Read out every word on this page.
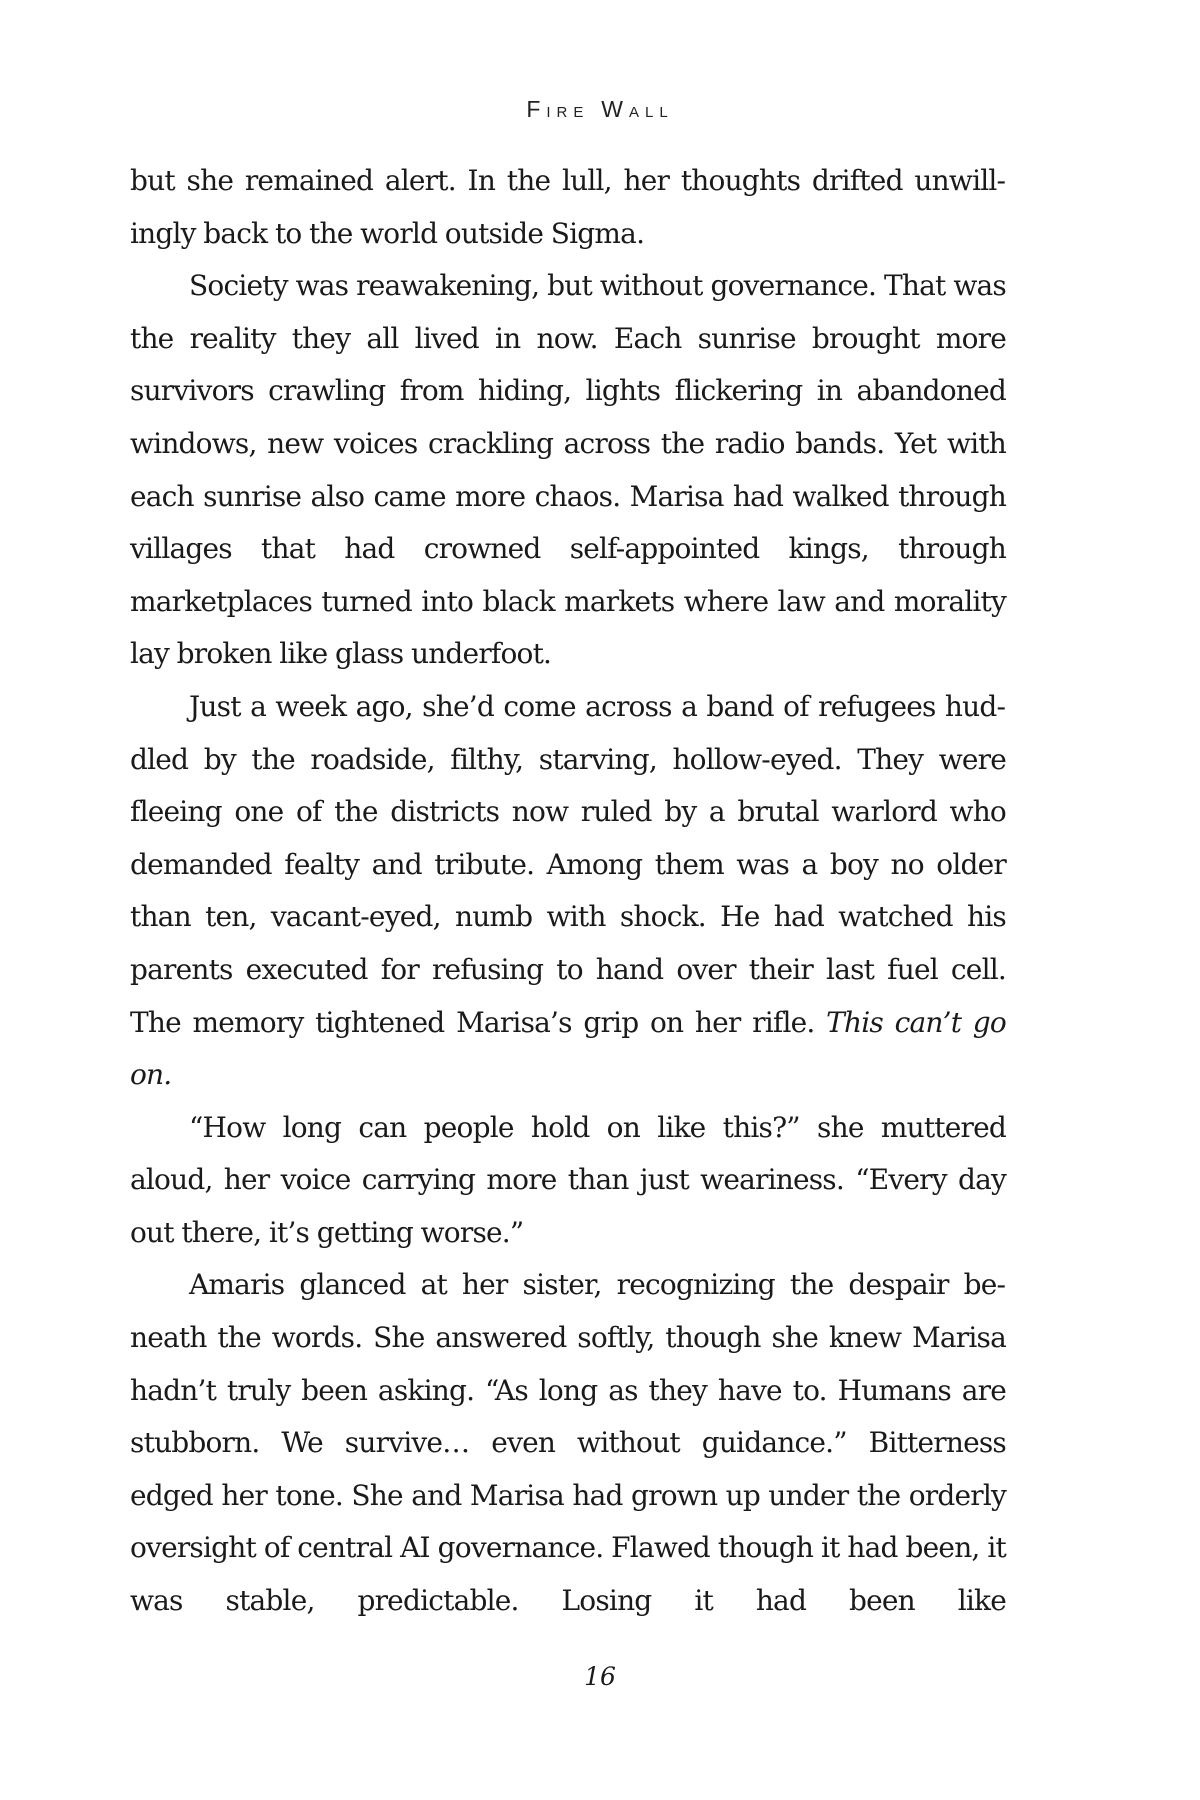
FIRE WALL

but she remained alert. In the lull, her thoughts drifted unwillingly back to the world outside Sigma.

Society was reawakening, but without governance. That was the reality they all lived in now. Each sunrise brought more survivors crawling from hiding, lights flickering in abandoned windows, new voices crackling across the radio bands. Yet with each sunrise also came more chaos. Marisa had walked through villages that had crowned self-appointed kings, through marketplaces turned into black markets where law and morality lay broken like glass underfoot.

Just a week ago, she’d come across a band of refugees huddled by the roadside, filthy, starving, hollow-eyed. They were fleeing one of the districts now ruled by a brutal warlord who demanded fealty and tribute. Among them was a boy no older than ten, vacant-eyed, numb with shock. He had watched his parents executed for refusing to hand over their last fuel cell. The memory tightened Marisa’s grip on her rifle. This can’t go on.

“How long can people hold on like this?” she muttered aloud, her voice carrying more than just weariness. “Every day out there, it’s getting worse.”

Amaris glanced at her sister, recognizing the despair beneath the words. She answered softly, though she knew Marisa hadn’t truly been asking. “As long as they have to. Humans are stubborn. We survive… even without guidance.” Bitterness edged her tone. She and Marisa had grown up under the orderly oversight of central AI governance. Flawed though it had been, it was stable, predictable. Losing it had been like

16
